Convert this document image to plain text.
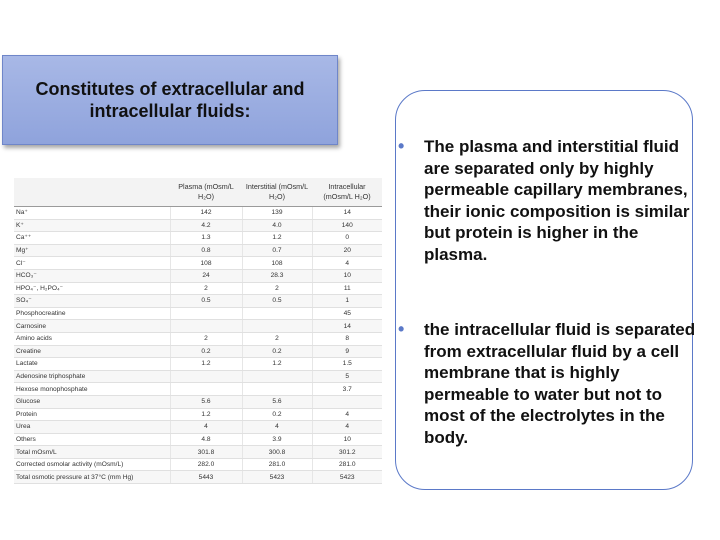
Constitutes of extracellular and
intracellular fluids:
	Plasma (mOsm/L H₂O)	Interstitial (mOsm/L H₂O)	Intracellular (mOsm/L H₂O)
Na⁺	142	139	14
K⁺	4.2	4.0	140
Ca⁺⁺	1.3	1.2	0
Mg⁺	0.8	0.7	20
Cl⁻	108	108	4
HCO₃⁻	24	28.3	10
HPO₄⁻, H₂PO₄⁻	2	2	11
SO₄⁻	0.5	0.5	1
Phosphocreatine			45
Carnosine			14
Amino acids	2	2	8
Creatine	0.2	0.2	9
Lactate	1.2	1.2	1.5
Adenosine triphosphate			5
Hexose monophosphate			3.7
Glucose	5.6	5.6	
Protein	1.2	0.2	4
Urea	4	4	4
Others	4.8	3.9	10
Total mOsm/L	301.8	300.8	301.2
Corrected osmolar activity (mOsm/L)	282.0	281.0	281.0
Total osmotic pressure at 37°C (mm Hg)	5443	5423	5423
• The plasma and interstitial fluid are separated only by highly permeable capillary membranes, their ionic composition is similar but protein is higher in the plasma.
• the intracellular fluid is separated from extracellular fluid by a cell membrane that is highly permeable to water but not to most of the electrolytes in the body.
